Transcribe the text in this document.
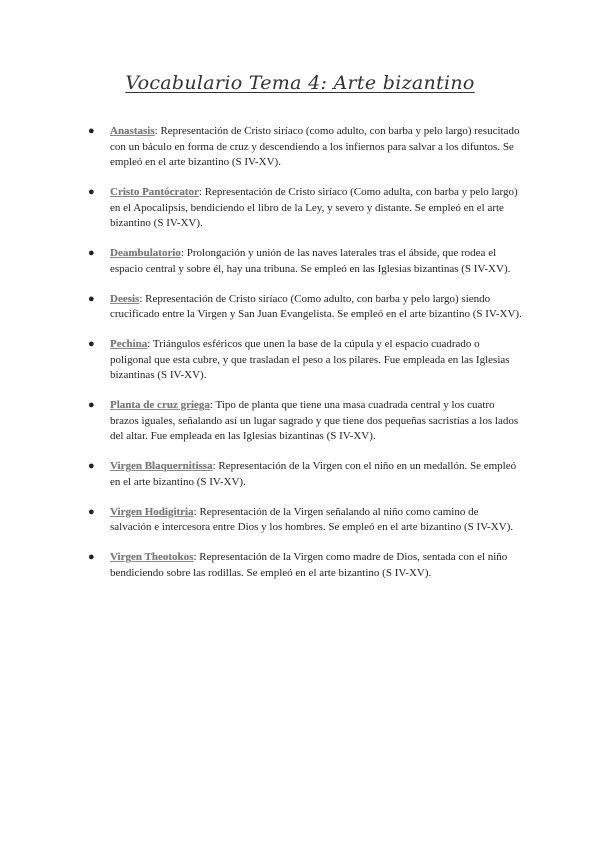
Vocabulario Tema 4: Arte bizantino
● Anastasis: Representación de Cristo siríaco (como adulto, con barba y pelo largo) resucitado con un báculo en forma de cruz y descendiendo a los infiernos para salvar a los difuntos. Se empleó en el arte bizantino (S IV-XV).
● Cristo Pantócrator: Representación de Cristo siríaco (Como adulta, con barba y pelo largo) en el Apocalipsis, bendiciendo el libro de la Ley, y severo y distante. Se empleó en el arte bizantino (S IV-XV).
● Deambulatorio: Prolongación y unión de las naves laterales tras el ábside, que rodea el espacio central y sobre él, hay una tribuna. Se empleó en las Iglesias bizantinas (S IV-XV).
● Deesis: Representación de Cristo siríaco (Como adulto, con barba y pelo largo) siendo crucificado entre la Virgen y San Juan Evangelista. Se empleó en el arte bizantino (S IV-XV).
● Pechina: Triángulos esféricos que unen la base de la cúpula y el espacio cuadrado o poligonal que esta cubre, y que trasladan el peso a los pilares. Fue empleada en las Iglesias bizantinas (S IV-XV).
● Planta de cruz griega: Tipo de planta que tiene una masa cuadrada central y los cuatro brazos iguales, señalando así un lugar sagrado y que tiene dos pequeñas sacristías a los lados del altar. Fue empleada en las Iglesias bizantinas (S IV-XV).
● Virgen Blaquernitissa: Representación de la Virgen con el niño en un medallón. Se empleó en el arte bizantino (S IV-XV).
● Virgen Hodigitria: Representación de la Virgen señalando al niño como camino de salvación e intercesora entre Dios y los hombres. Se empleó en el arte bizantino (S IV-XV).
● Virgen Theotokos: Representación de la Virgen como madre de Dios, sentada con el niño bendiciendo sobre las rodillas. Se empleó en el arte bizantino (S IV-XV).
